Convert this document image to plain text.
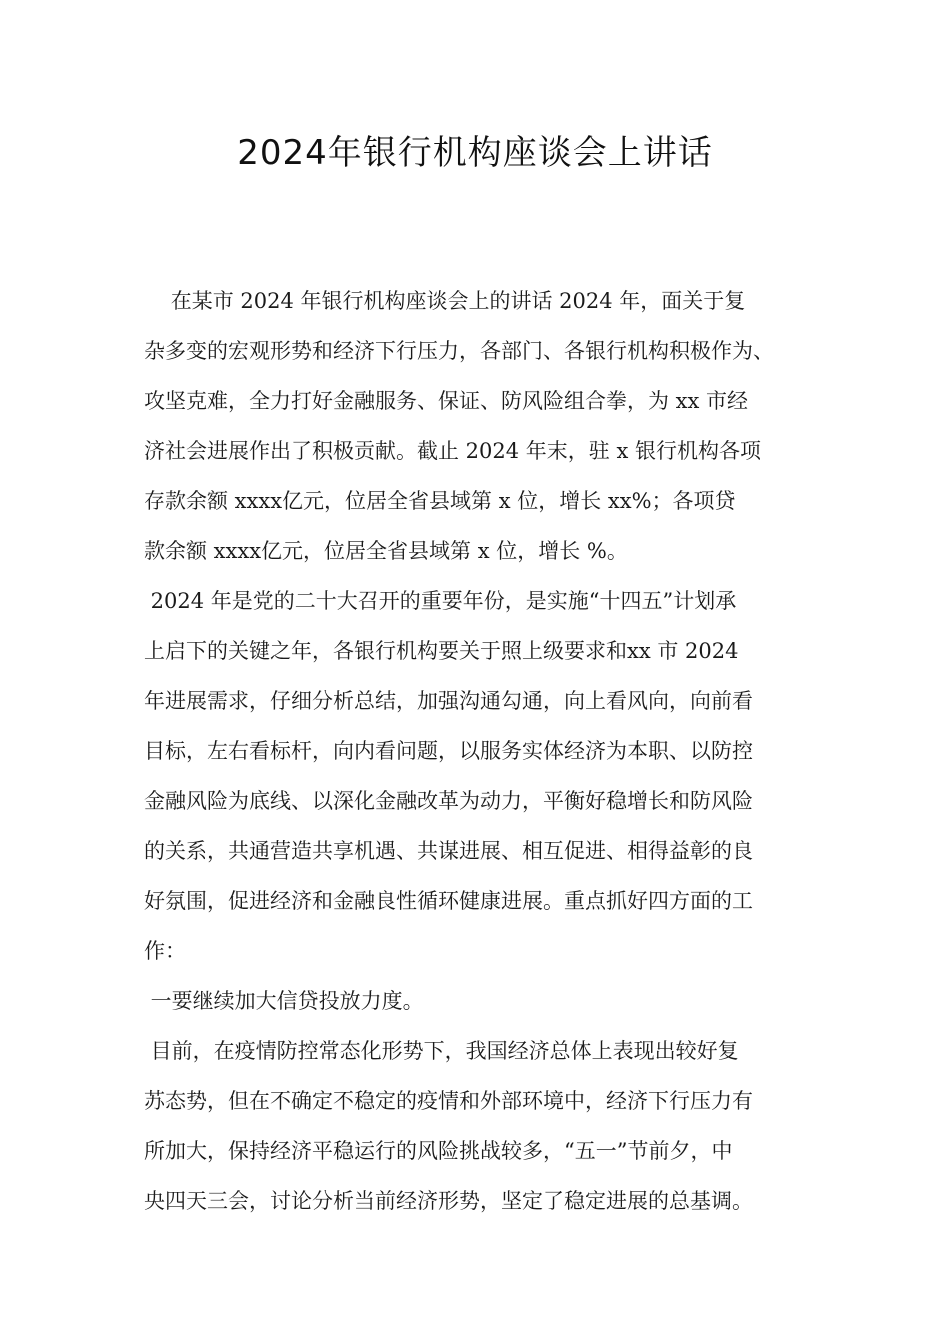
2024年银行机构座谈会上讲话
在某市 2024 年银行机构座谈会上的讲话 2024 年，面关于复
杂多变的宏观形势和经济下行压力，各部门、各银行机构积极作为、
攻坚克难，全力打好金融服务、保证、防风险组合拳，为 xx 市经
济社会进展作出了积极贡献。截止 2024 年末，驻 x 银行机构各项
存款余额 xxxx亿元，位居全省县域第 x 位，增长 xx%；各项贷
款余额 xxxx亿元，位居全省县域第 x 位，增长 %。
2024 年是党的二十大召开的重要年份，是实施“十四五”计划承
上启下的关键之年，各银行机构要关于照上级要求和xx 市 2024
年进展需求，仔细分析总结，加强沟通勾通，向上看风向，向前看
目标，左右看标杆，向内看问题，以服务实体经济为本职、以防控
金融风险为底线、以深化金融改革为动力，平衡好稳增长和防风险
的关系，共通营造共享机遇、共谋进展、相互促进、相得益彰的良
好氛围，促进经济和金融良性循环健康进展。重点抓好四方面的工
作：
一要继续加大信贷投放力度。
目前，在疫情防控常态化形势下，我国经济总体上表现出较好复
苏态势，但在不确定不稳定的疫情和外部环境中，经济下行压力有
所加大，保持经济平稳运行的风险挑战较多，“五一”节前夕，中
央四天三会，讨论分析当前经济形势，坚定了稳定进展的总基调。
